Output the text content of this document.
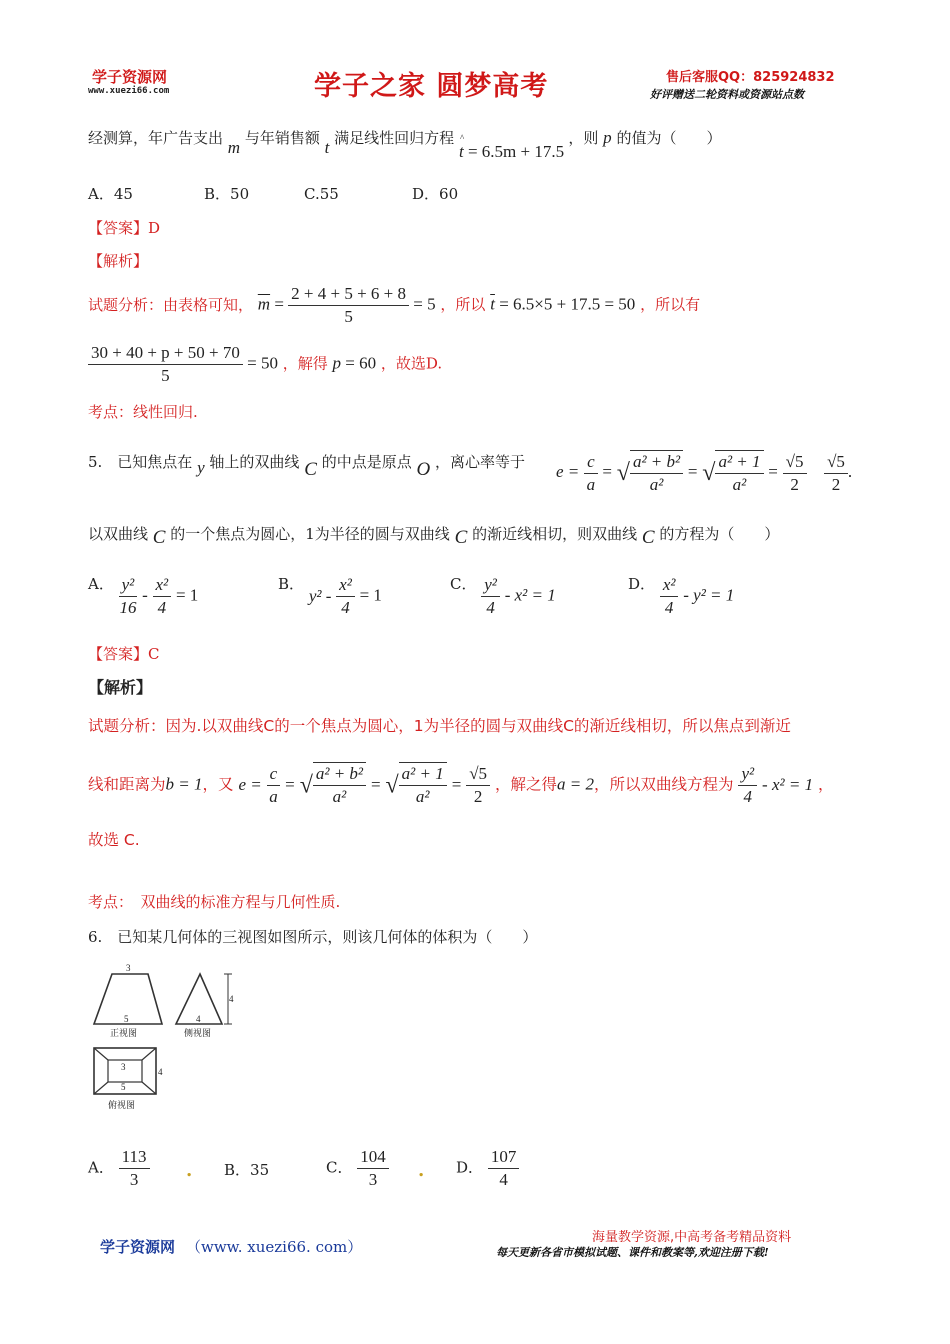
学子资源网
www.xuezi66.com	学子之家 圆梦高考	售后客服QQ：825924832
好评赠送二轮资料或资源站点数
经测算，年广告支出 m 与年销售额 t 满足线性回归方程 ^
t = 6.5m + 17.5 ，则 p 的值为（　　）
A．45	B．50	C.55	D．60
【答案】D
【解析】
试题分析：由表格可知， $\overline{m} = \frac{2 + 4 + 5 + 6 + 8}{5} = 5$ ，所以 $\overline{t} = 6.5\times 5 + 17.5 = 50$ ，所以有
$\frac{30 + 40 + p + 50 + 70}{5} = 50$ ，解得 p = 60 ，故选D.
考点：线性回归.
5.　已知焦点在 y 轴上的双曲线 C 的中点是原点 O ，离心率等于 $e = \frac{c}{a}$ = √ $\frac{\text{a² + b²}}{\text{a²}}$ = √ $\frac{\text{a² + 1}}{\text{a²}} = \frac{√5}{2}$
$\frac{√5}{2}$ .
以双曲线 C 的一个焦点为圆心，1为半径的圆与双曲线 C 的渐近线相切，则双曲线 C 的方程为（　　）
A． $\frac{\text{y²}}{16} - \frac{\text{x²}}{4} = 1$
B． $y^2 - \frac{\text{x²}}{4} = 1$
C． $\frac{\text{y²}}{4} - x^2 = 1$
D． $\frac{\text{x²}}{4} - y^2 = 1$
【答案】C
【解析】
试题分析：因为.以双曲线C的一个焦点为圆心，1为半径的圆与双曲线C的渐近线相切，所以焦点到渐近
线和距离为b = 1，又 $e = \frac{c}{a}$ = √ $\frac{\text{a² + b²}}{\text{a²}}$ = √ $\frac{\text{a² + 1}}{\text{a²}} = \frac{√5}{2}$ ，解之得a = 2，所以双曲线方程为 $\frac{\text{y²}}{4} - x^2 = 1$ ，
故选 C.
考点：　双曲线的标准方程与几何性质.
6.　已知某几何体的三视图如图所示，则该几何体的体积为（　　）
3
5
正视图
4
4
侧视图
3
5
4
俯视图
A． $\frac{113}{3}$ . B．35	C． $\frac{104}{3}$ . D． $\frac{107}{4}$
学子资源网 （www. xuezi66. com）
海量教学资源,中高考备考精品资料
每天更新各省市模拟试题、课件和教案等,欢迎注册下载!
